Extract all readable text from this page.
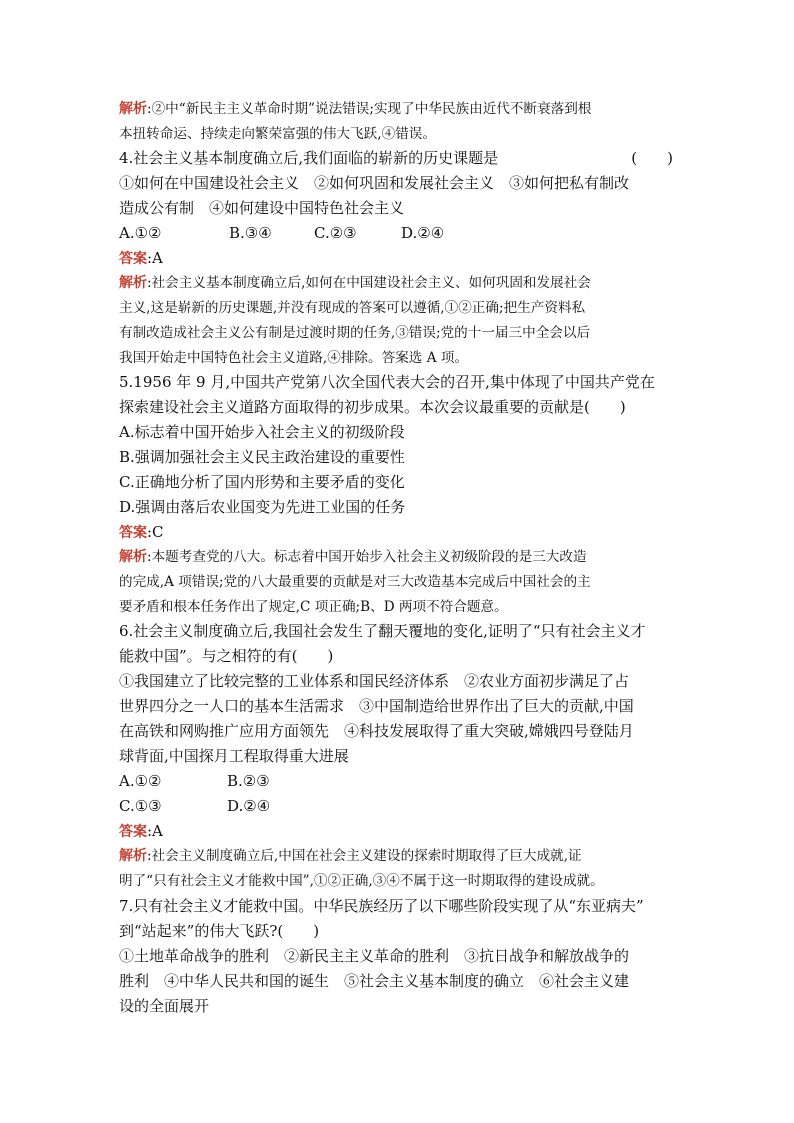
解析:②中“新民主主义革命时期”说法错误;实现了中华民族由近代不断衰落到根
本扭转命运、持续走向繁荣富强的伟大飞跃,④错误。
4.社会主义基本制度确立后,我们面临的崭新的历史课题是	(　　)
①如何在中国建设社会主义　②如何巩固和发展社会主义　③如何把私有制改
造成公有制　④如何建设中国特色社会主义
A.①②	B.③④	C.②③	D.②④
答案:A
解析:社会主义基本制度确立后,如何在中国建设社会主义、如何巩固和发展社会
主义,这是崭新的历史课题,并没有现成的答案可以遵循,①②正确;把生产资料私
有制改造成社会主义公有制是过渡时期的任务,③错误;党的十一届三中全会以后
我国开始走中国特色社会主义道路,④排除。答案选 A 项。
5.1956 年 9 月,中国共产党第八次全国代表大会的召开,集中体现了中国共产党在
探索建设社会主义道路方面取得的初步成果。本次会议最重要的贡献是(　　)
A.标志着中国开始步入社会主义的初级阶段
B.强调加强社会主义民主政治建设的重要性
C.正确地分析了国内形势和主要矛盾的变化
D.强调由落后农业国变为先进工业国的任务
答案:C
解析:本题考查党的八大。标志着中国开始步入社会主义初级阶段的是三大改造
的完成,A 项错误;党的八大最重要的贡献是对三大改造基本完成后中国社会的主
要矛盾和根本任务作出了规定,C 项正确;B、D 两项不符合题意。
6.社会主义制度确立后,我国社会发生了翻天覆地的变化,证明了“只有社会主义才
能救中国”。与之相符的有(　　)
①我国建立了比较完整的工业体系和国民经济体系　②农业方面初步满足了占
世界四分之一人口的基本生活需求　③中国制造给世界作出了巨大的贡献,中国
在高铁和网购推广应用方面领先　④科技发展取得了重大突破,嫦娥四号登陆月
球背面,中国探月工程取得重大进展
A.①②	B.②③
C.①③	D.②④
答案:A
解析:社会主义制度确立后,中国在社会主义建设的探索时期取得了巨大成就,证
明了“只有社会主义才能救中国”,①②正确,③④不属于这一时期取得的建设成就。
7.只有社会主义才能救中国。中华民族经历了以下哪些阶段实现了从“东亚病夫”
到“站起来”的伟大飞跃?(　　)
①土地革命战争的胜利　②新民主主义革命的胜利　③抗日战争和解放战争的
胜利　④中华人民共和国的诞生　⑤社会主义基本制度的确立　⑥社会主义建
设的全面展开
